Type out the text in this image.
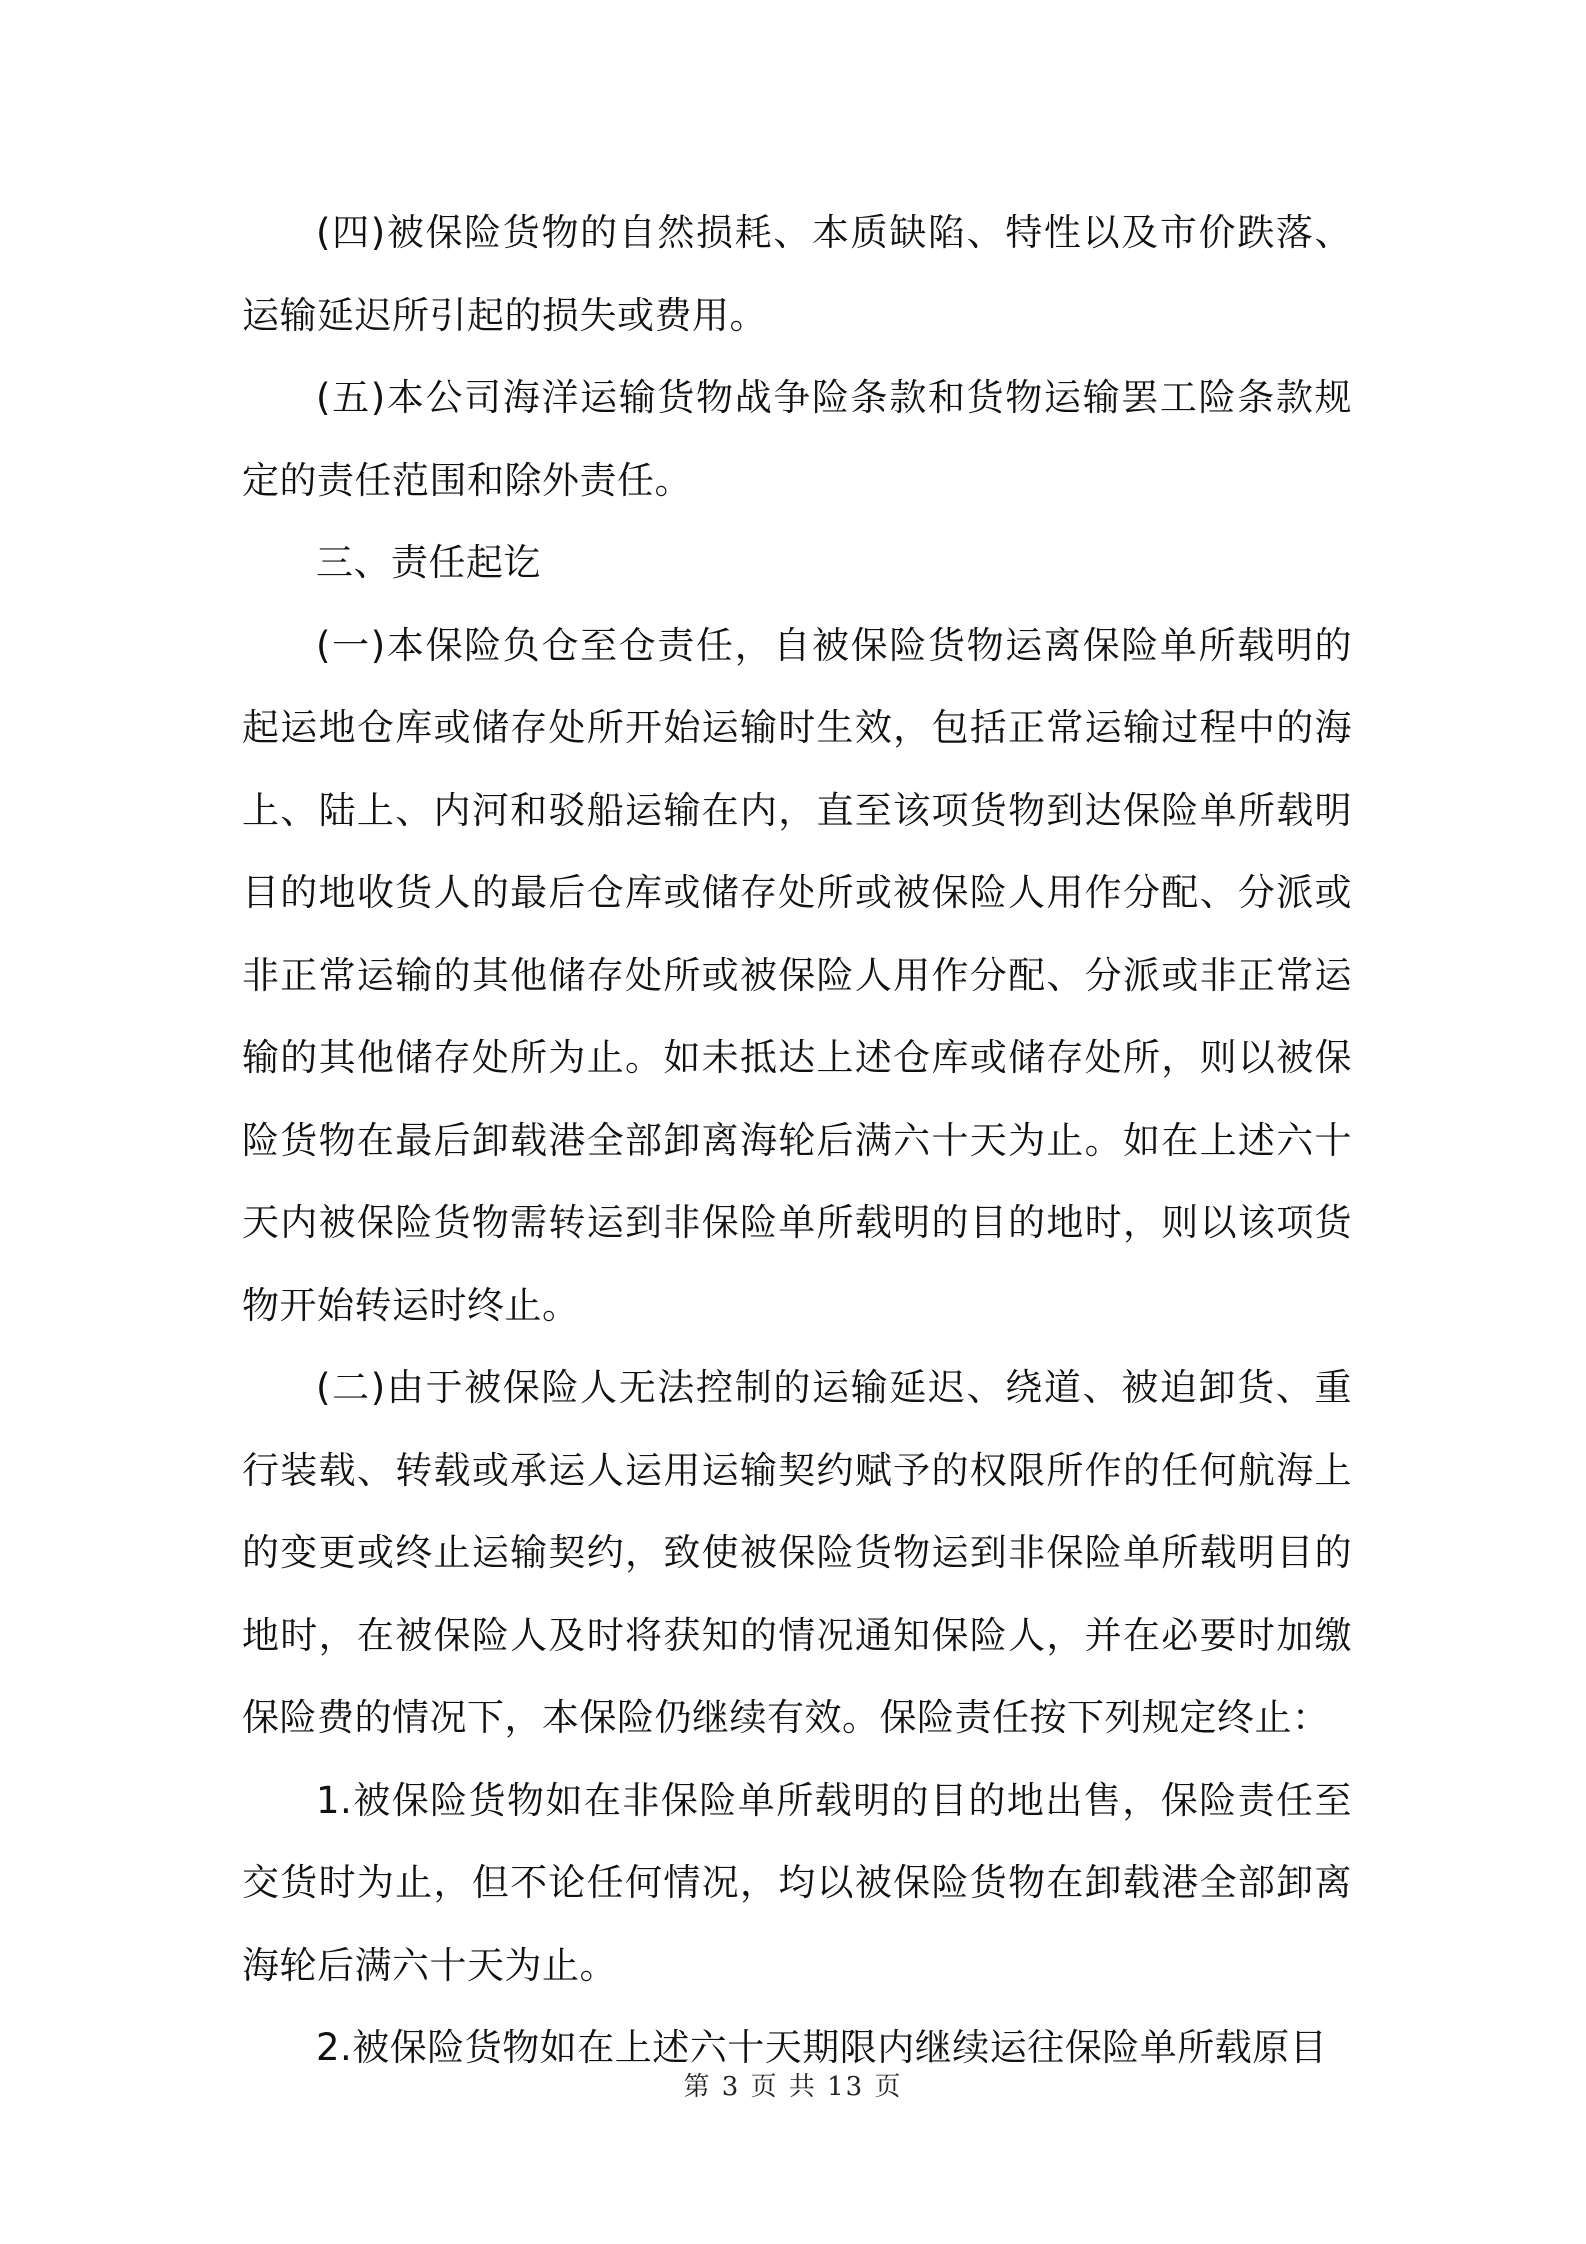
(四)被保险货物的自然损耗、本质缺陷、特性以及市价跌落、运输延迟所引起的损失或费用。

(五)本公司海洋运输货物战争险条款和货物运输罢工险条款规定的责任范围和除外责任。

三、责任起讫

(一)本保险负仓至仓责任，自被保险货物运离保险单所载明的起运地仓库或储存处所开始运输时生效，包括正常运输过程中的海上、陆上、内河和驳船运输在内，直至该项货物到达保险单所载明目的地收货人的最后仓库或储存处所或被保险人用作分配、分派或非正常运输的其他储存处所或被保险人用作分配、分派或非正常运输的其他储存处所为止。如未抵达上述仓库或储存处所，则以被保险货物在最后卸载港全部卸离海轮后满六十天为止。如在上述六十天内被保险货物需转运到非保险单所载明的目的地时，则以该项货物开始转运时终止。

(二)由于被保险人无法控制的运输延迟、绕道、被迫卸货、重行装载、转载或承运人运用运输契约赋予的权限所作的任何航海上的变更或终止运输契约，致使被保险货物运到非保险单所载明目的地时，在被保险人及时将获知的情况通知保险人，并在必要时加缴保险费的情况下，本保险仍继续有效。保险责任按下列规定终止：

1.被保险货物如在非保险单所载明的目的地出售，保险责任至交货时为止，但不论任何情况，均以被保险货物在卸载港全部卸离海轮后满六十天为止。

2.被保险货物如在上述六十天期限内继续运往保险单所载原目

第 3 页 共 13 页
